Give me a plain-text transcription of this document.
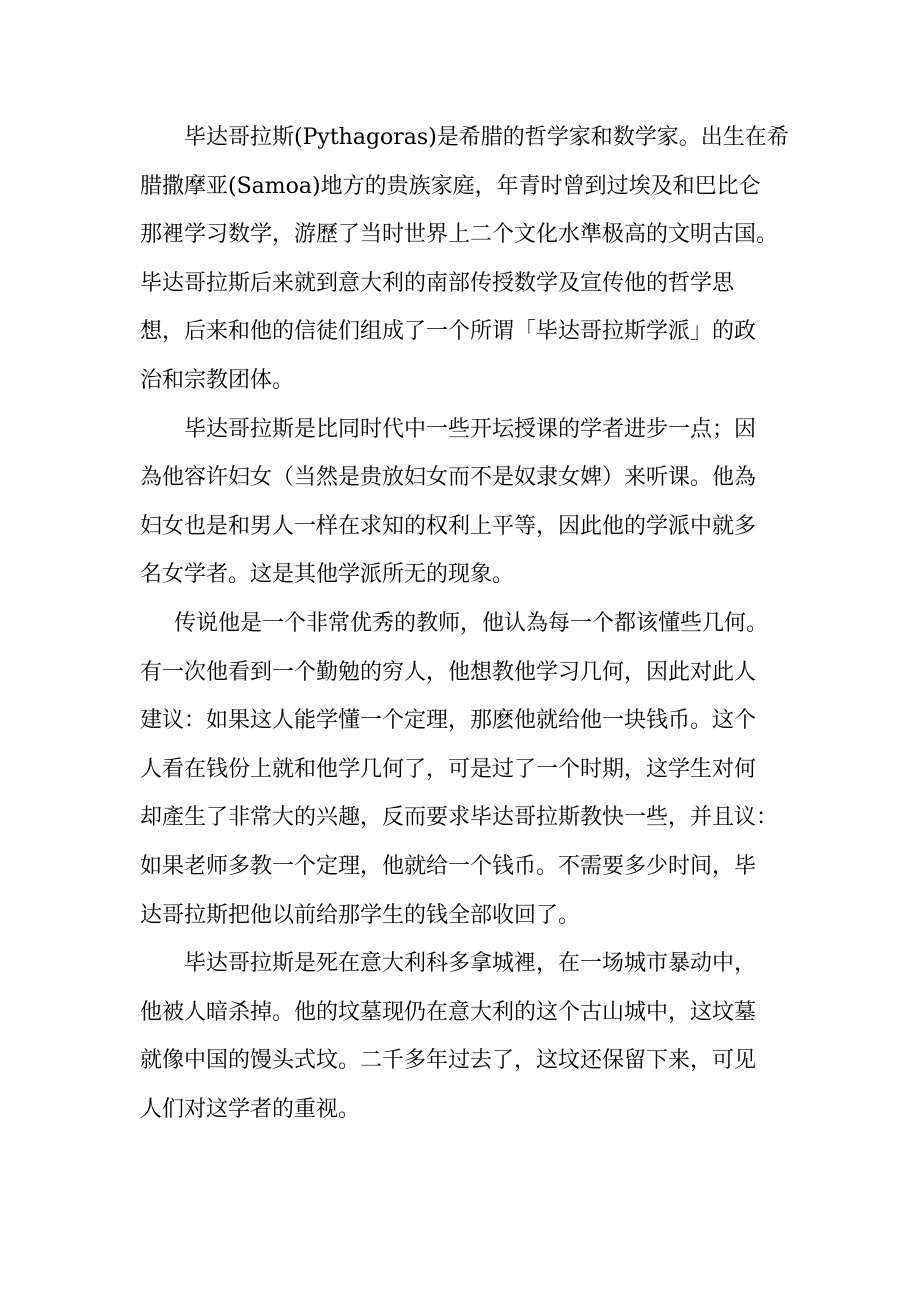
毕达哥拉斯(Pythagoras)是希腊的哲学家和数学家。出生在希
腊撒摩亚(Samoa)地方的贵族家庭，年青时曾到过埃及和巴比仑
那裡学习数学，游歷了当时世界上二个文化水準极高的文明古国。
毕达哥拉斯后来就到意大利的南部传授数学及宣传他的哲学思
想，后来和他的信徒们组成了一个所谓「毕达哥拉斯学派」的政
治和宗教团体。
毕达哥拉斯是比同时代中一些开坛授课的学者进步一点；因
為他容许妇女（当然是贵放妇女而不是奴隶女婢）来听课。他為
妇女也是和男人一样在求知的权利上平等，因此他的学派中就多
名女学者。这是其他学派所无的现象。
传说他是一个非常优秀的教师，他认為每一个都该懂些几何。
有一次他看到一个勤勉的穷人，他想教他学习几何，因此对此人
建议：如果这人能学懂一个定理，那麽他就给他一块钱币。这个
人看在钱份上就和他学几何了，可是过了一个时期，这学生对何
却產生了非常大的兴趣，反而要求毕达哥拉斯教快一些，并且议：
如果老师多教一个定理，他就给一个钱币。不需要多少时间，毕
达哥拉斯把他以前给那学生的钱全部收回了。
毕达哥拉斯是死在意大利科多拿城裡，在一场城市暴动中，
他被人暗杀掉。他的坟墓现仍在意大利的这个古山城中，这坟墓
就像中国的馒头式坟。二千多年过去了，这坟还保留下来，可见
人们对这学者的重视。
